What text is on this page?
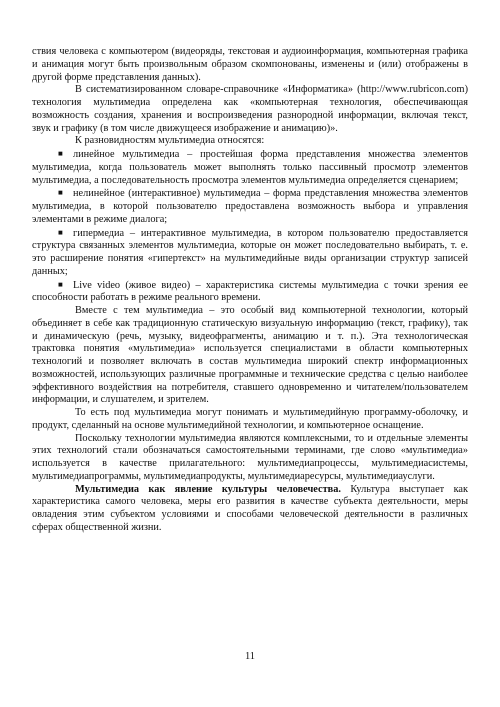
ствия человека с компьютером (видеоряды, текстовая и аудиоинформация, компьютерная графика и анимация могут быть произвольным образом скомпонованы, изменены и (или) отображены в другой форме представления данных).

В систематизированном словаре-справочнике «Информатика» (http://www.rubricon.com) технология мультимедиа определена как «компьютерная технология, обеспечивающая возможность создания, хранения и воспроизведения разнородной информации, включая текст, звук и графику (в том числе движущееся изображение и анимацию)».

К разновидностям мультимедиа относятся:

■ линейное мультимедиа – простейшая форма представления множества элементов мультимедиа, когда пользователь может выполнять только пассивный просмотр элементов мультимедиа, а последовательность просмотра элементов мультимедиа определяется сценарием;

■ нелинейное (интерактивное) мультимедиа – форма представления множества элементов мультимедиа, в которой пользователю предоставлена возможность выбора и управления элементами в режиме диалога;

■ гипермедиа – интерактивное мультимедиа, в котором пользователю предоставляется структура связанных элементов мультимедиа, которые он может последовательно выбирать, т. е. это расширение понятия «гипертекст» на мультимедийные виды организации структур записей данных;

■ Live video (живое видео) – характеристика системы мультимедиа с точки зрения ее способности работать в режиме реального времени.

Вместе с тем мультимедиа – это особый вид компьютерной технологии, который объединяет в себе как традиционную статическую визуальную информацию (текст, графику), так и динамическую (речь, музыку, видеофрагменты, анимацию и т. п.). Эта технологическая трактовка понятия «мультимедиа» используется специалистами в области компьютерных технологий и позволяет включать в состав мультимедиа широкий спектр информационных возможностей, использующих различные программные и технические средства с целью наиболее эффективного воздействия на потребителя, ставшего одновременно и читателем/пользователем информации, и слушателем, и зрителем.

То есть под мультимедиа могут понимать и мультимедийную программу-оболочку, и продукт, сделанный на основе мультимедийной технологии, и компьютерное оснащение.

Поскольку технологии мультимедиа являются комплексными, то и отдельные элементы этих технологий стали обозначаться самостоятельными терминами, где слово «мультимедиа» используется в качестве прилагательного: мультимедиапроцессы, мультимедиасистемы, мультимедиапрограммы, мультимедиапродукты, мультимедиаресурсы, мультимедиауслуги.

Мультимедиа как явление культуры человечества. Культура выступает как характеристика самого человека, меры его развития в качестве субъекта деятельности, меры овладения этим субъектом условиями и способами человеческой деятельности в различных сферах общественной жизни.

11
